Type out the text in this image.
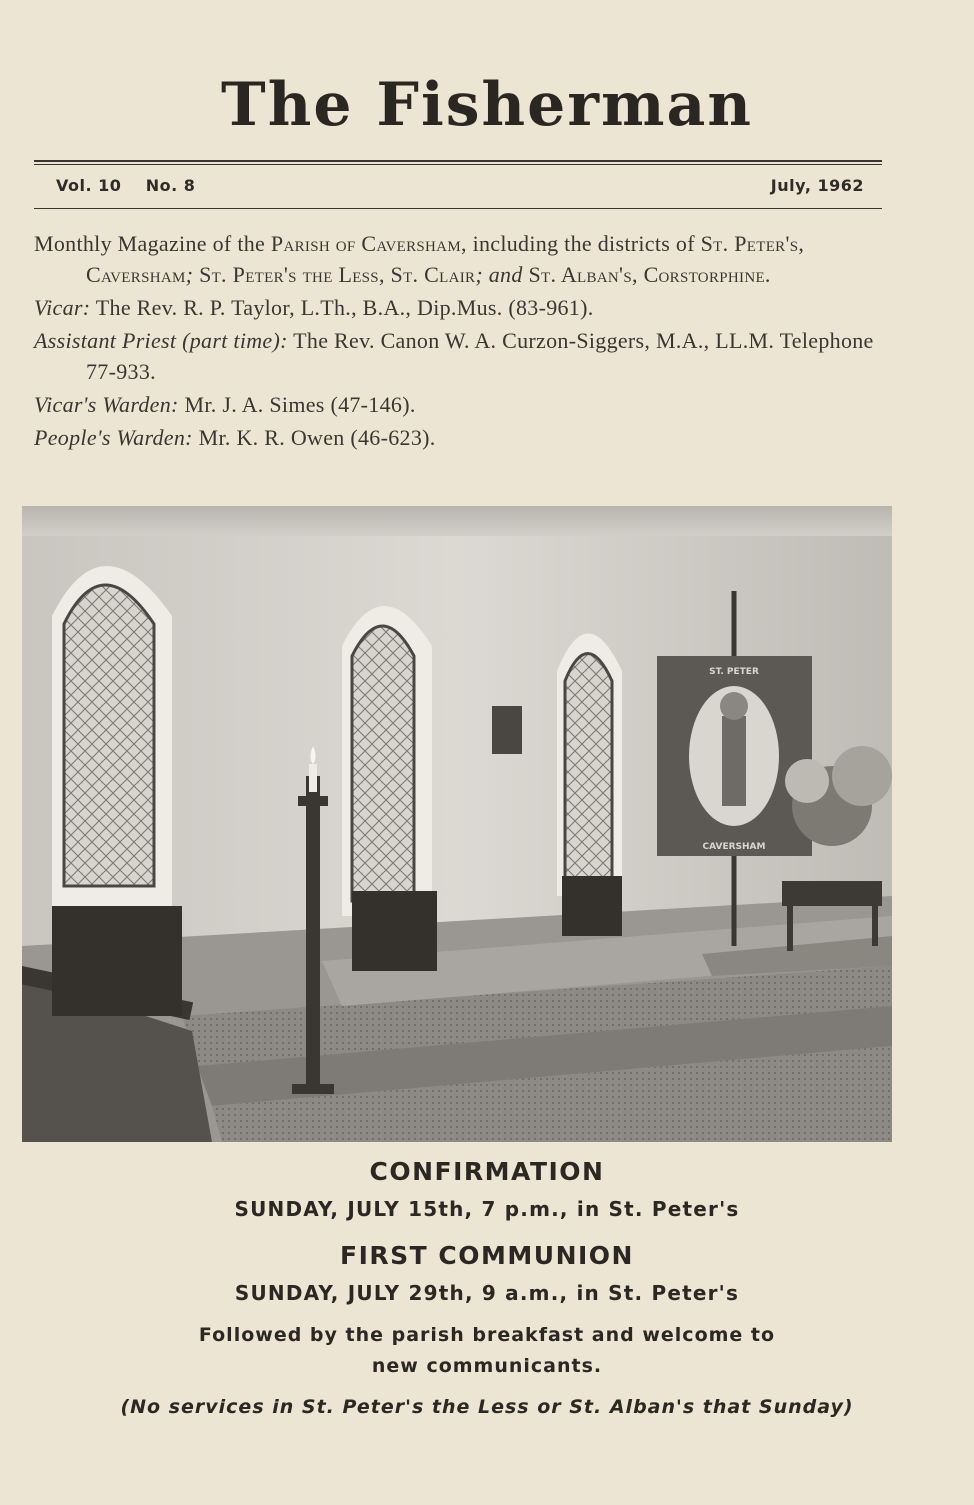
The Fisherman
Vol. 10 No. 8	July, 1962

Monthly Magazine of the Parish of Caversham, including the districts of St. Peter's, Caversham; St. Peter's the Less, St. Clair; and St. Alban's, Corstorphine.

Vicar: The Rev. R. P. Taylor, L.Th., B.A., Dip.Mus. (83-961).

Assistant Priest (part time): The Rev. Canon W. A. Curzon-Siggers, M.A., LL.M. Telephone 77-933.

Vicar's Warden: Mr. J. A. Simes (47-146).

People's Warden: Mr. K. R. Owen (46-623).

ST. PETER
CAVERSHAM

CONFIRMATION

SUNDAY, JULY 15th, 7 p.m., in St. Peter's

FIRST COMMUNION

SUNDAY, JULY 29th, 9 a.m., in St. Peter's

Followed by the parish breakfast and welcome to

new communicants.

(No services in St. Peter's the Less or St. Alban's that Sunday)
